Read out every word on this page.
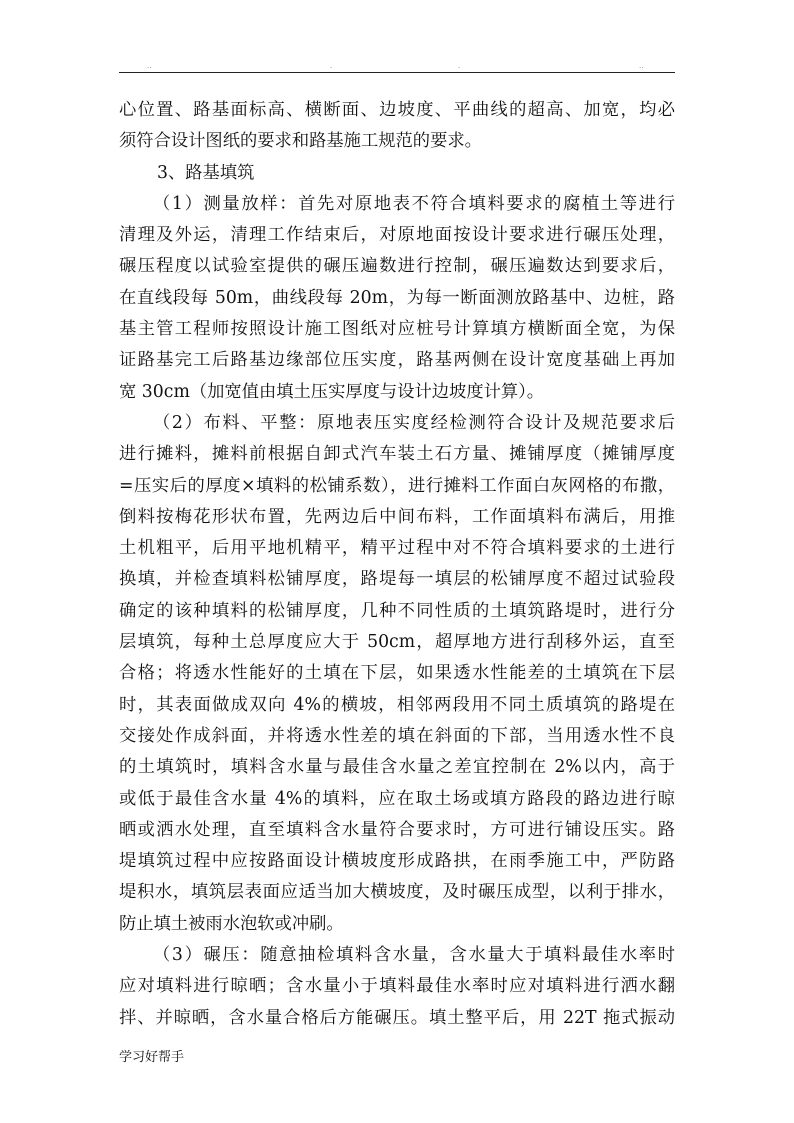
..	.	.	..
心位置、路基面标高、横断面、边坡度、平曲线的超高、加宽，均必
须符合设计图纸的要求和路基施工规范的要求。
3、路基填筑
（1）测量放样：首先对原地表不符合填料要求的腐植土等进行
清理及外运，清理工作结束后，对原地面按设计要求进行碾压处理，
碾压程度以试验室提供的碾压遍数进行控制，碾压遍数达到要求后，
在直线段每 50m，曲线段每 20m，为每一断面测放路基中、边桩，路
基主管工程师按照设计施工图纸对应桩号计算填方横断面全宽，为保
证路基完工后路基边缘部位压实度，路基两侧在设计宽度基础上再加
宽 30cm（加宽值由填土压实厚度与设计边坡度计算）。
（2）布料、平整：原地表压实度经检测符合设计及规范要求后
进行摊料，摊料前根据自卸式汽车装土石方量、摊铺厚度（摊铺厚度
=压实后的厚度×填料的松铺系数），进行摊料工作面白灰网格的布撒，
倒料按梅花形状布置，先两边后中间布料，工作面填料布满后，用推
土机粗平，后用平地机精平，精平过程中对不符合填料要求的土进行
换填，并检查填料松铺厚度，路堤每一填层的松铺厚度不超过试验段
确定的该种填料的松铺厚度，几种不同性质的土填筑路堤时，进行分
层填筑，每种土总厚度应大于 50cm，超厚地方进行刮移外运，直至
合格；将透水性能好的土填在下层，如果透水性能差的土填筑在下层
时，其表面做成双向 4%的横坡，相邻两段用不同土质填筑的路堤在
交接处作成斜面，并将透水性差的填在斜面的下部，当用透水性不良
的土填筑时，填料含水量与最佳含水量之差宜控制在 2%以内，高于
或低于最佳含水量 4%的填料，应在取土场或填方路段的路边进行晾
晒或洒水处理，直至填料含水量符合要求时，方可进行铺设压实。路
堤填筑过程中应按路面设计横坡度形成路拱，在雨季施工中，严防路
堤积水，填筑层表面应适当加大横坡度，及时碾压成型，以利于排水，
防止填土被雨水泡软或冲刷。
（3）碾压：随意抽检填料含水量，含水量大于填料最佳水率时
应对填料进行晾晒；含水量小于填料最佳水率时应对填料进行洒水翻
拌、并晾晒，含水量合格后方能碾压。填土整平后，用 22T 拖式振动
学习好帮手
